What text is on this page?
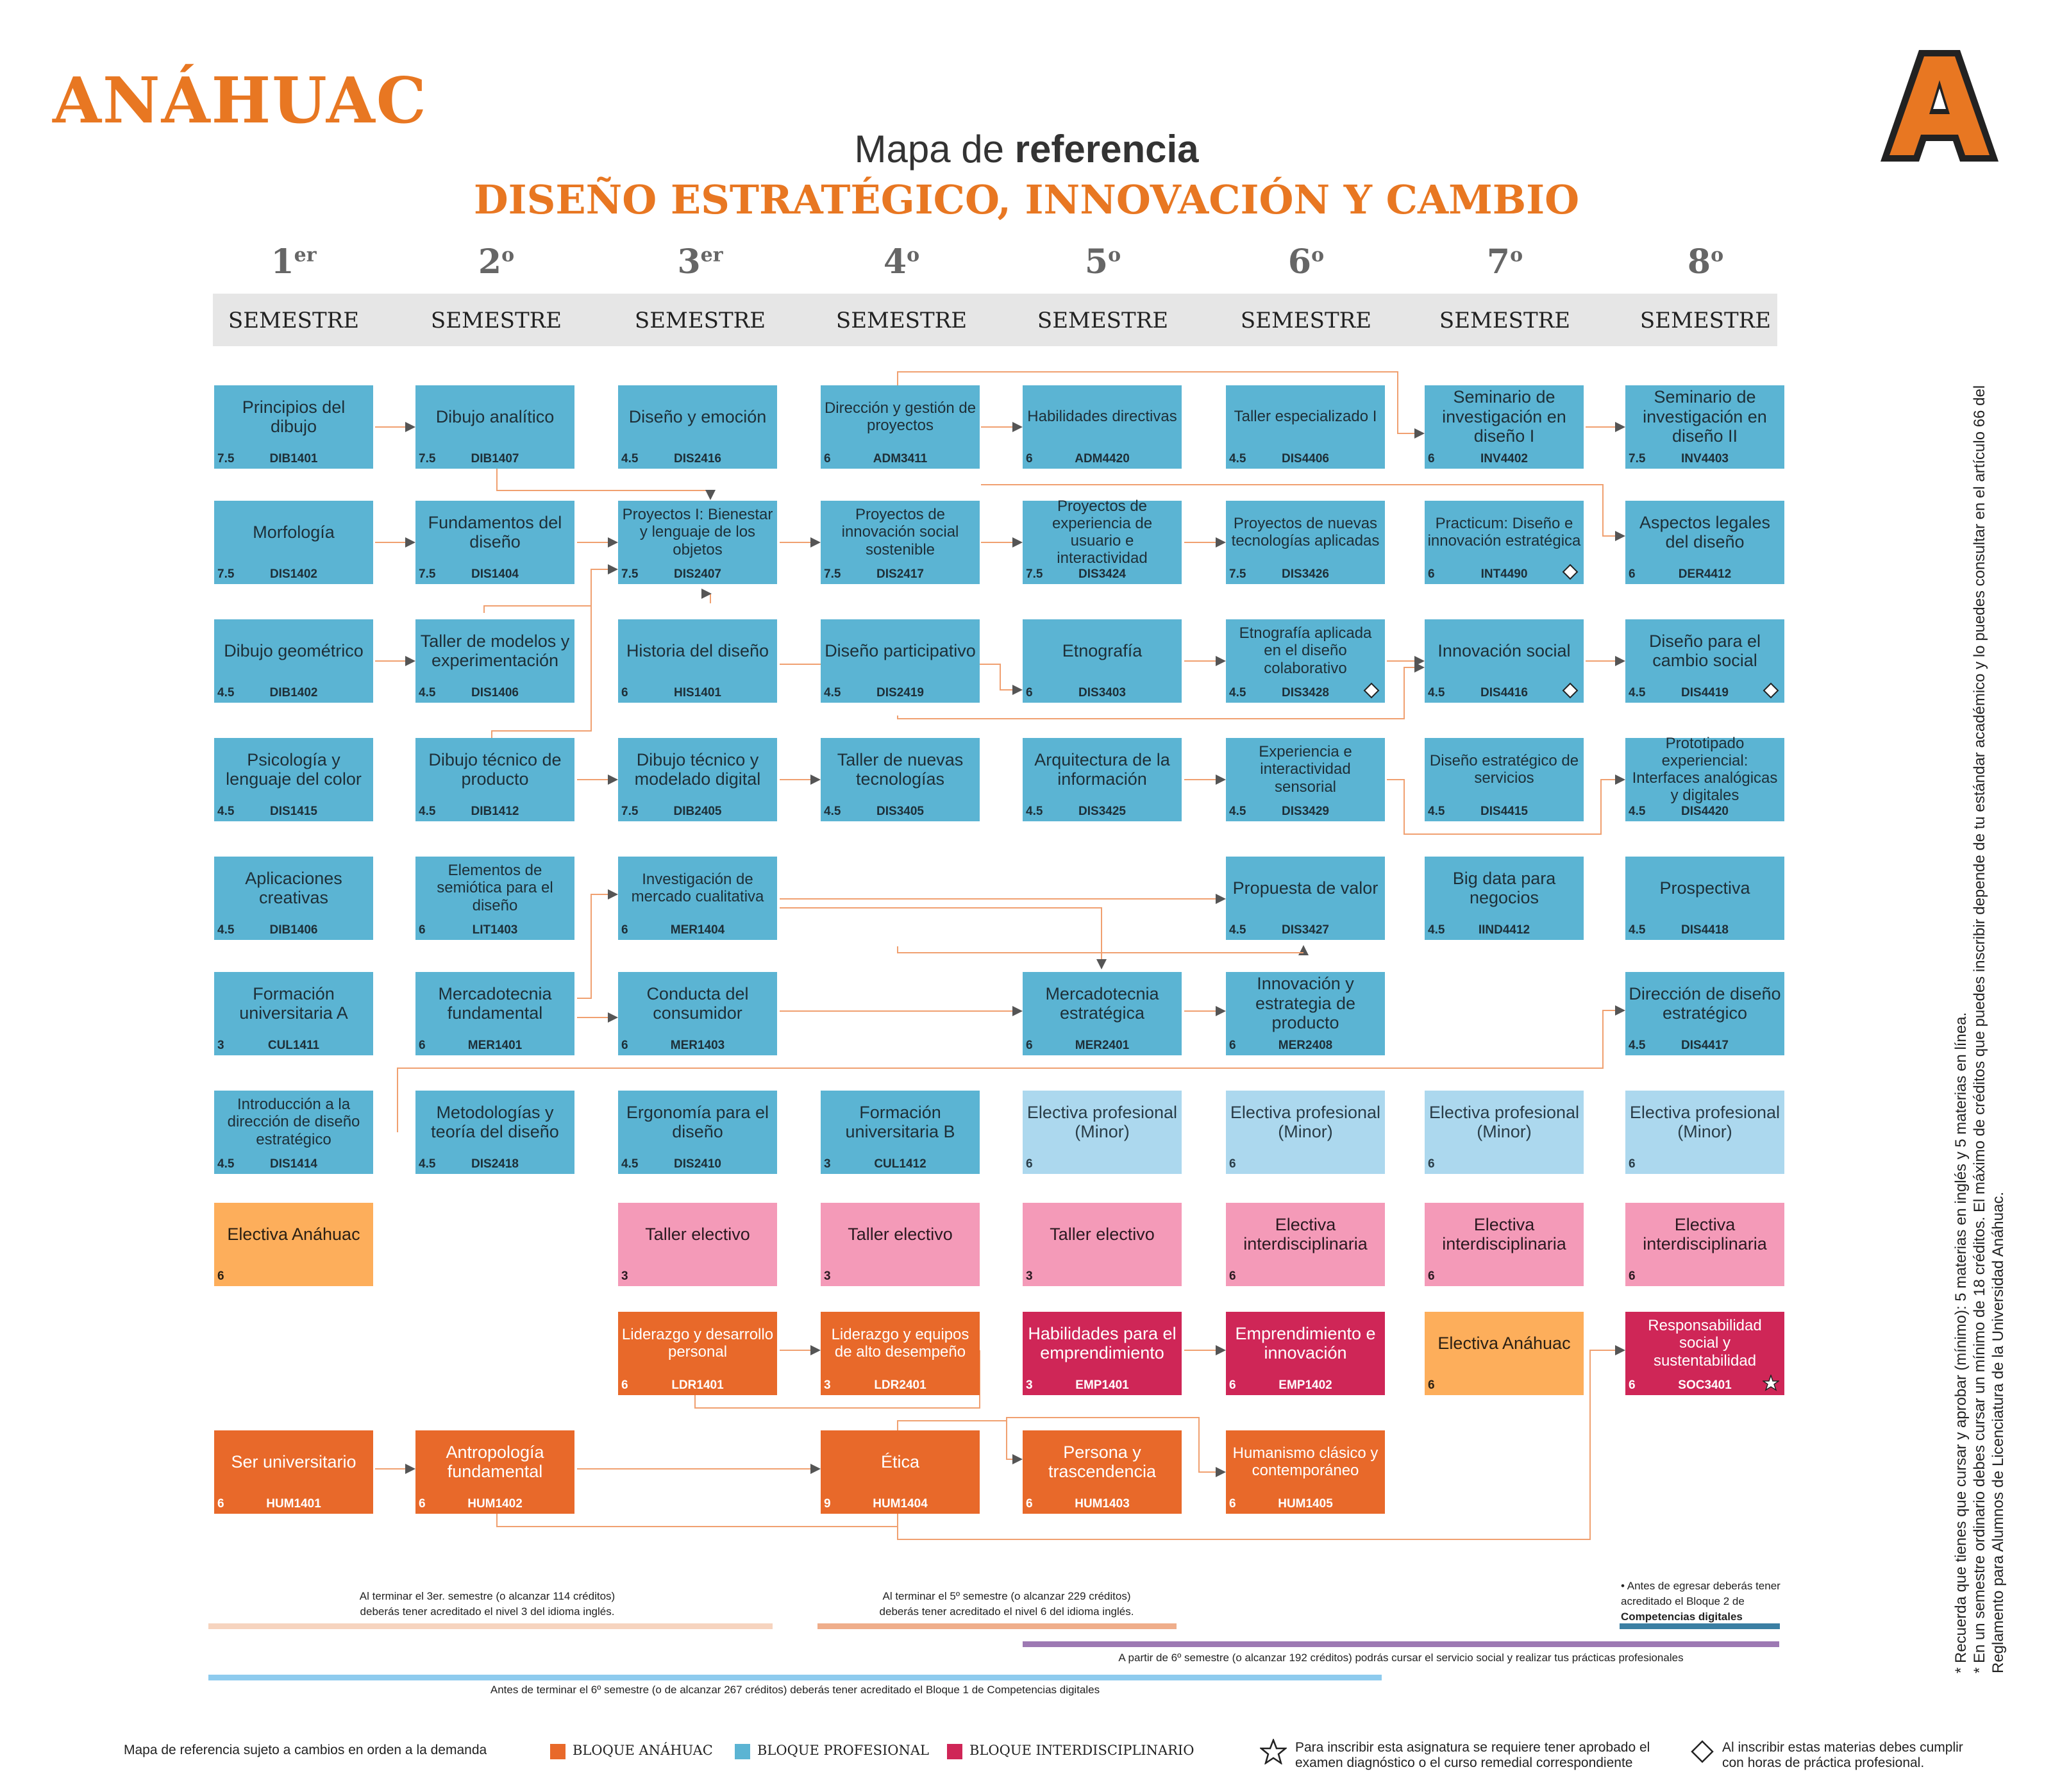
ANÁHUAC
Mapa de referencia
DISEÑO ESTRATÉGICO, INNOVACIÓN Y CAMBIO
1er
SEMESTRE
2$^o$
SEMESTRE
3er
SEMESTRE
4$^o$
SEMESTRE
5$^o$
SEMESTRE
6$^o$
SEMESTRE
7$^o$
SEMESTRE
8$^o$
SEMESTRE
Principios del dibujo
7.5	DIB1401
Morfología
7.5	DIS1402
Dibujo geométrico
4.5	DIB1402
Psicología y lenguaje del color
4.5	DIS1415
Aplicaciones creativas
4.5	DIB1406
Formación universitaria A
3	CUL1411
Introducción a la dirección de diseño estratégico
4.5	DIS1414
Electiva Anáhuac
6
Ser universitario
6	HUM1401
Dibujo analítico
7.5	DIB1407
Fundamentos del diseño
7.5	DIS1404
Taller de modelos y experimentación
4.5	DIS1406
Dibujo técnico de producto
4.5	DIB1412
Elementos de semiótica para el diseño
6	LIT1403
Mercadotecnia fundamental
6	MER1401
Metodologías y teoría del diseño
4.5	DIS2418
Antropología fundamental
6	HUM1402
Diseño y emoción
4.5	DIS2416
Proyectos I: Bienestar y lenguaje de los objetos
7.5	DIS2407
Historia del diseño
6	HIS1401
Dibujo técnico y modelado digital
7.5	DIB2405
Investigación de mercado cualitativa
6	MER1404
Conducta del consumidor
6	MER1403
Ergonomía para el diseño
4.5	DIS2410
Taller electivo
3
Liderazgo y desarrollo personal
6	LDR1401
Dirección y gestión de proyectos
6	ADM3411
Proyectos de innovación social sostenible
7.5	DIS2417
Diseño participativo
4.5	DIS2419
Taller de nuevas tecnologías
4.5	DIS3405
Formación universitaria B
3	CUL1412
Taller electivo
3
Liderazgo y equipos de alto desempeño
3	LDR2401
Ética
9	HUM1404
Habilidades directivas
6	ADM4420
Proyectos de experiencia de usuario e interactividad
7.5	DIS3424
Etnografía
6	DIS3403
Arquitectura de la información
4.5	DIS3425
Mercadotecnia estratégica
6	MER2401
Electiva profesional (Minor)
6
Taller electivo
3
Habilidades para el emprendimiento
3	EMP1401
Persona y trascendencia
6	HUM1403
Taller especializado I
4.5	DIS4406
Proyectos de nuevas tecnologías aplicadas
7.5	DIS3426
Etnografía aplicada en el diseño colaborativo
4.5	DIS3428
Experiencia e interactividad sensorial
4.5	DIS3429
Propuesta de valor
4.5	DIS3427
Innovación y estrategia de producto
6	MER2408
Electiva profesional (Minor)
6
Electiva interdisciplinaria
6
Emprendimiento e innovación
6	EMP1402
Humanismo clásico y contemporáneo
6	HUM1405
Seminario de investigación en diseño I
6	INV4402
Practicum: Diseño e innovación estratégica
6	INT4490
Innovación social
4.5	DIS4416
Diseño estratégico de servicios
4.5	DIS4415
Big data para negocios
4.5	IIND4412
Electiva profesional (Minor)
6
Electiva interdisciplinaria
6
Electiva Anáhuac
6
Seminario de investigación en diseño II
7.5	INV4403
Aspectos legales del diseño
6	DER4412
Diseño para el cambio social
4.5	DIS4419
Prototipado experiencial: Interfaces analógicas y digitales
4.5	DIS4420
Prospectiva
4.5	DIS4418
Dirección de diseño estratégico
4.5	DIS4417
Electiva profesional (Minor)
6
Electiva interdisciplinaria
6
Responsabilidad social y sustentabilidad
6	SOC3401
Al terminar el 3er. semestre (o alcanzar 114 créditos)
deberás tener acreditado el nivel 3 del idioma inglés.
Al terminar el 5º semestre (o alcanzar 229 créditos)
deberás tener acreditado el nivel 6 del idioma inglés.
• Antes de egresar deberás tener
acreditado el Bloque 2 de
Competencias digitales
A partir de 6º semestre (o alcanzar 192 créditos) podrás cursar el servicio social y realizar tus prácticas profesionales
Antes de terminar el 6º semestre (o de alcanzar 267 créditos) deberás tener acreditado el Bloque 1 de Competencias digitales
* Recuerda que tienes que cursar y aprobar (mínimo): 5 materias en inglés y 5 materias en línea. * En un semestre ordinario debes cursar un mínimo de 18 créditos. El máximo de créditos que puedes inscribir depende de tu estándar académico y lo puedes consultar en el artículo 66 del Reglamento para Alumnos de Licenciatura de la Universidad Anáhuac.
Mapa de referencia sujeto a cambios en orden a la demanda	BLOQUE ANÁHUAC	BLOQUE PROFESIONAL	BLOQUE INTERDISCIPLINARIO	Para inscribir esta asignatura se requiere tener aprobado el examen diagnóstico o el curso remedial correspondiente
Al inscribir estas materias debes cumplir con horas de práctica profesional.
